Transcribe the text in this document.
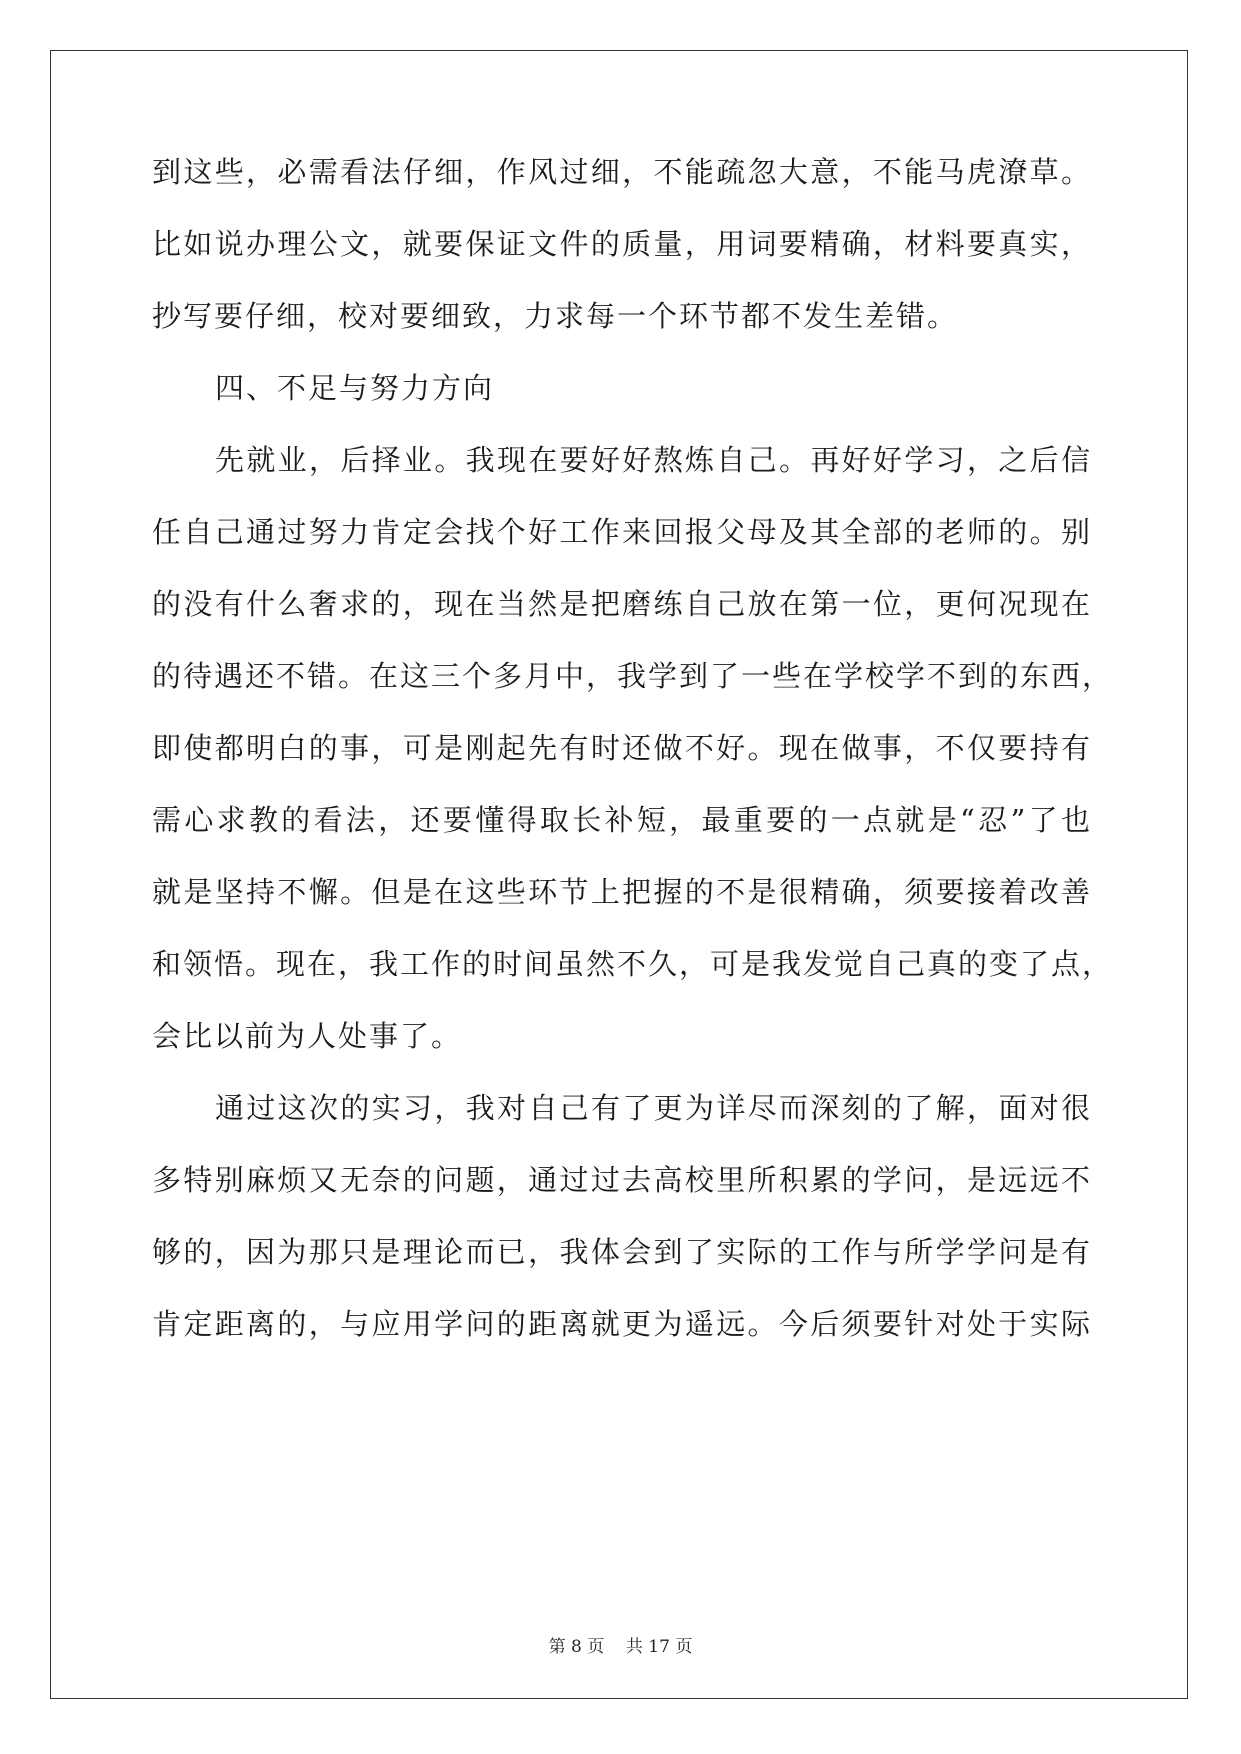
到这些，必需看法仔细，作风过细，不能疏忽大意，不能马虎潦草。
比如说办理公文，就要保证文件的质量，用词要精确，材料要真实，
抄写要仔细，校对要细致，力求每一个环节都不发生差错。
四、不足与努力方向
先就业，后择业。我现在要好好熬炼自己。再好好学习，之后信
任自己通过努力肯定会找个好工作来回报父母及其全部的老师的。别
的没有什么奢求的，现在当然是把磨练自己放在第一位，更何况现在
的待遇还不错。在这三个多月中，我学到了一些在学校学不到的东西，
即使都明白的事，可是刚起先有时还做不好。现在做事，不仅要持有
需心求教的看法，还要懂得取长补短，最重要的一点就是“忍”了也
就是坚持不懈。但是在这些环节上把握的不是很精确，须要接着改善
和领悟。现在，我工作的时间虽然不久，可是我发觉自己真的变了点，
会比以前为人处事了。
通过这次的实习，我对自己有了更为详尽而深刻的了解，面对很
多特别麻烦又无奈的问题，通过过去高校里所积累的学问，是远远不
够的，因为那只是理论而已，我体会到了实际的工作与所学学问是有
肯定距离的，与应用学问的距离就更为遥远。今后须要针对处于实际
第 8 页 共 17 页
